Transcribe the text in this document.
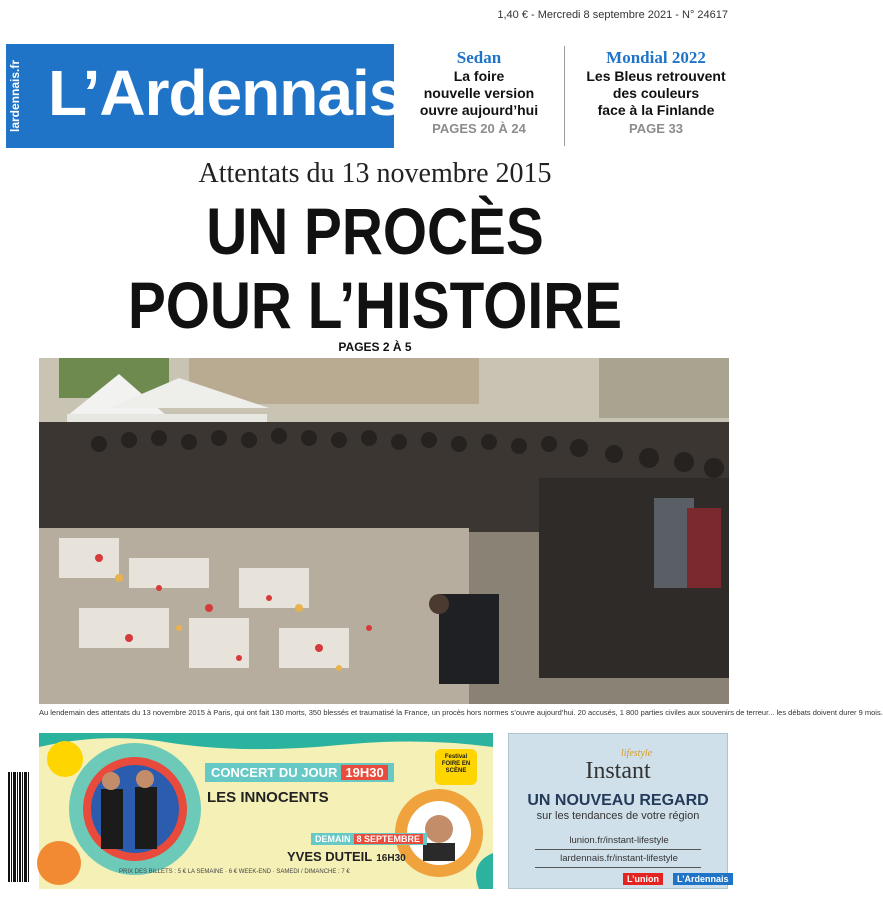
1,40 € - Mercredi 8 septembre 2021 - N° 24617
lardennais.fr L’Ardennais	Sedan
La foire
nouvelle version
ouvre aujourd’hui
PAGES 20 À 24
Mondial 2022
Les Bleus retrouvent
des couleurs
face à la Finlande
PAGE 33
Attentats du 13 novembre 2015
UN PROCÈS
POUR L’HISTOIRE
PAGES 2 À 5
Au lendemain des attentats du 13 novembre 2015 à Paris, qui ont fait 130 morts, 350 blessés et traumatisé la France, un procès hors normes s’ouvre aujourd’hui. 20 accusés, 1 800 parties civiles aux souvenirs de terreur... les débats doivent durer 9 mois.
CONCERT DU JOUR 19H30
LES INNOCENTS
Festival FOIRE EN SCÈNE
DEMAIN 8 SEPTEMBRE
YVES DUTEIL 16H30
PRIX DES BILLETS : 5 € LA SEMAINE · 6 € WEEK-END · SAMEDI / DIMANCHE : 7 €
lifestyle
Instant
UN NOUVEAU REGARD
sur les tendances de votre région
lunion.fr/instant-lifestyle
lardennais.fr/instant-lifestyle
L’union	L’Ardennais
